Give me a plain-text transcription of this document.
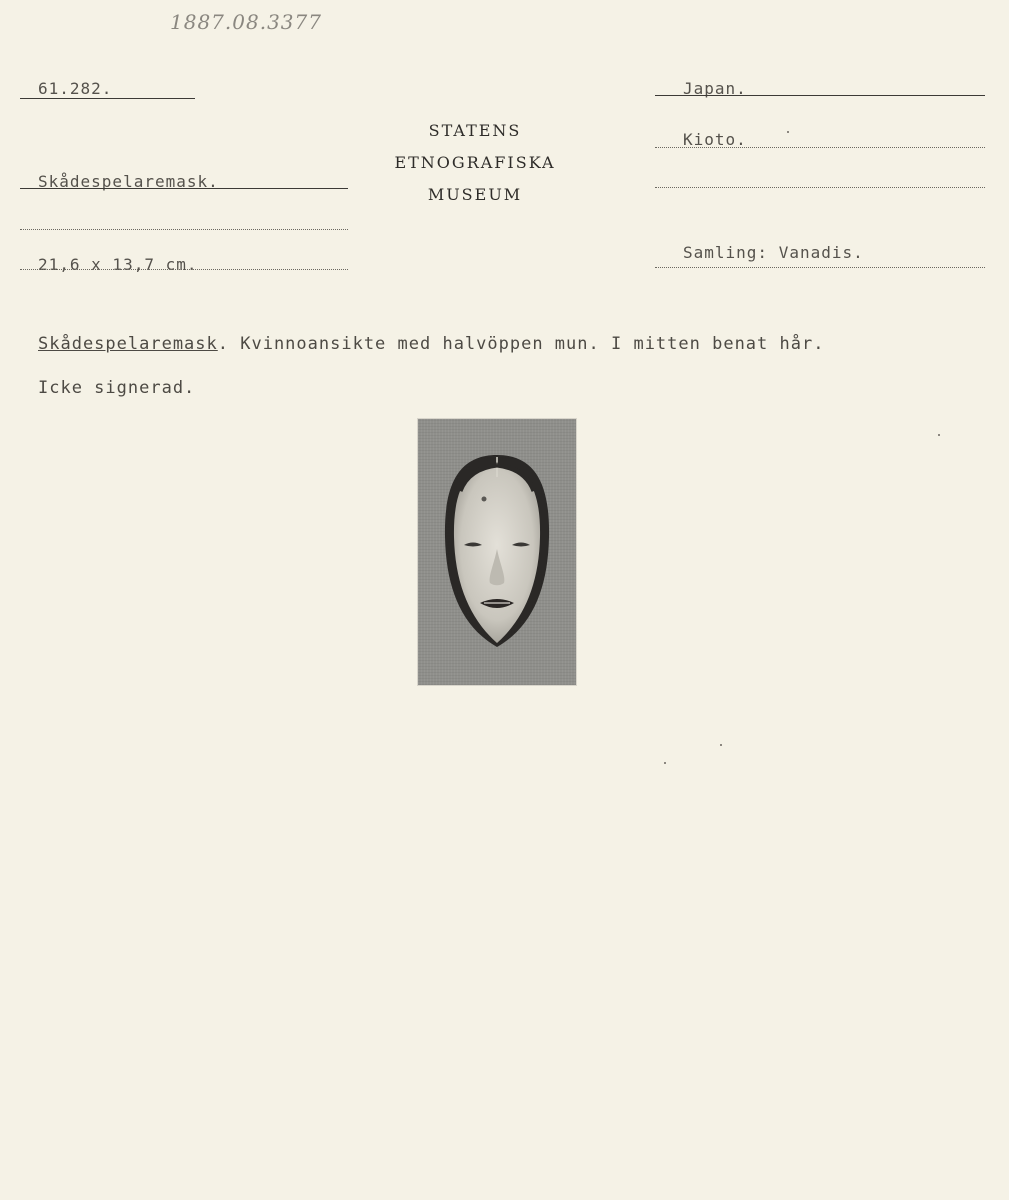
1887.08.3377
61.282.
Skådespelaremask.
21,6 x 13,7 cm.
STATENS
ETNOGRAFISKA
MUSEUM
Japan.
Kioto.
Samling: Vanadis.
Skådespelaremask. Kvinnoansikte med halvöppen mun. I mitten benat hår.
Icke signerad.
